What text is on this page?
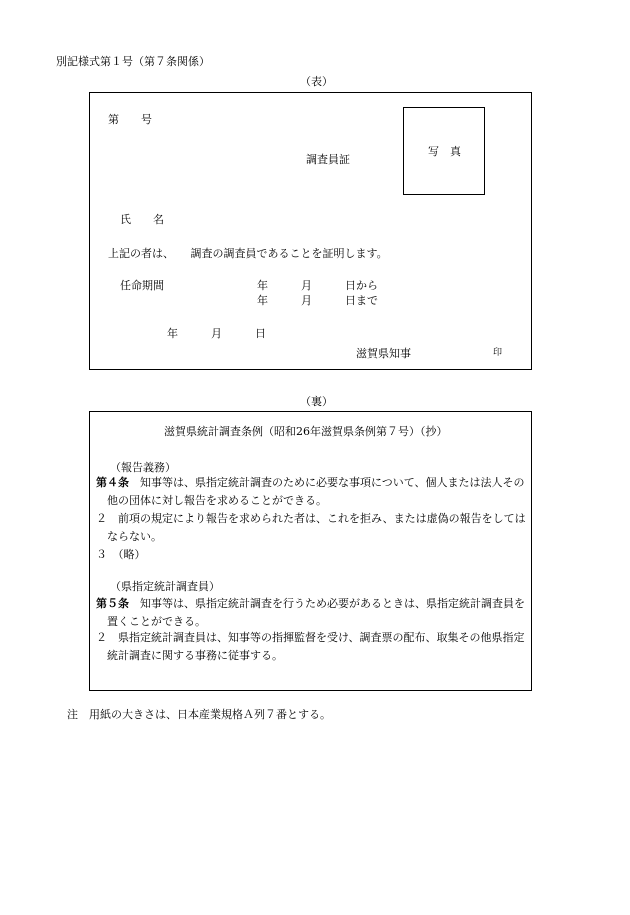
別記様式第１号（第７条関係）
（表）
第　　号
写　真
調査員証
氏　　名
上記の者は、　　調査の調査員であることを証明します。
任命期間	年　　　月　　　日から
年　　　月　　　日まで
年　　　月　　　日
滋賀県知事	印
（裏）
滋賀県統計調査条例（昭和26年滋賀県条例第７号）（抄）
（報告義務）
第４条　 知事等は、県指定統計調査のために必要な事項について、個人または法人その他の団体に対し報告を求めることができる。
２　前項の規定により報告を求められた者は、これを拒み、または虚偽の報告をしてはならない。
３　（略）
（県指定統計調査員）
第５条　 知事等は、県指定統計調査を行うため必要があるときは、県指定統計調査員を置くことができる。
２　県指定統計調査員は、知事等の指揮監督を受け、調査票の配布、取集その他県指定統計調査に関する事務に従事する。
注　用紙の大きさは、日本産業規格Ａ列７番とする。
